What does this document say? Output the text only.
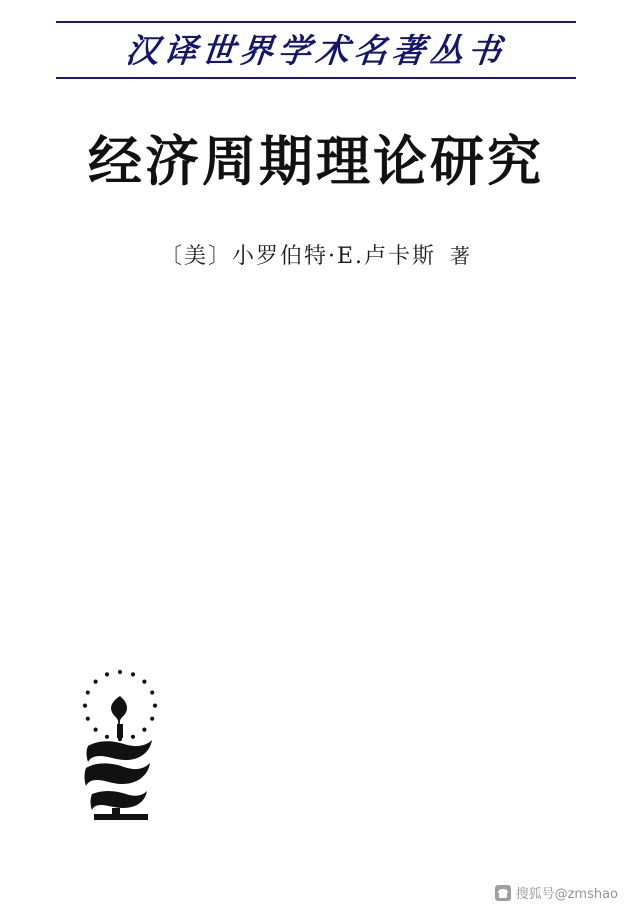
汉译世界学术名著丛书
经济周期理论研究
〔美〕小罗伯特·E.卢卡斯 著
搜狐号@zmshao
